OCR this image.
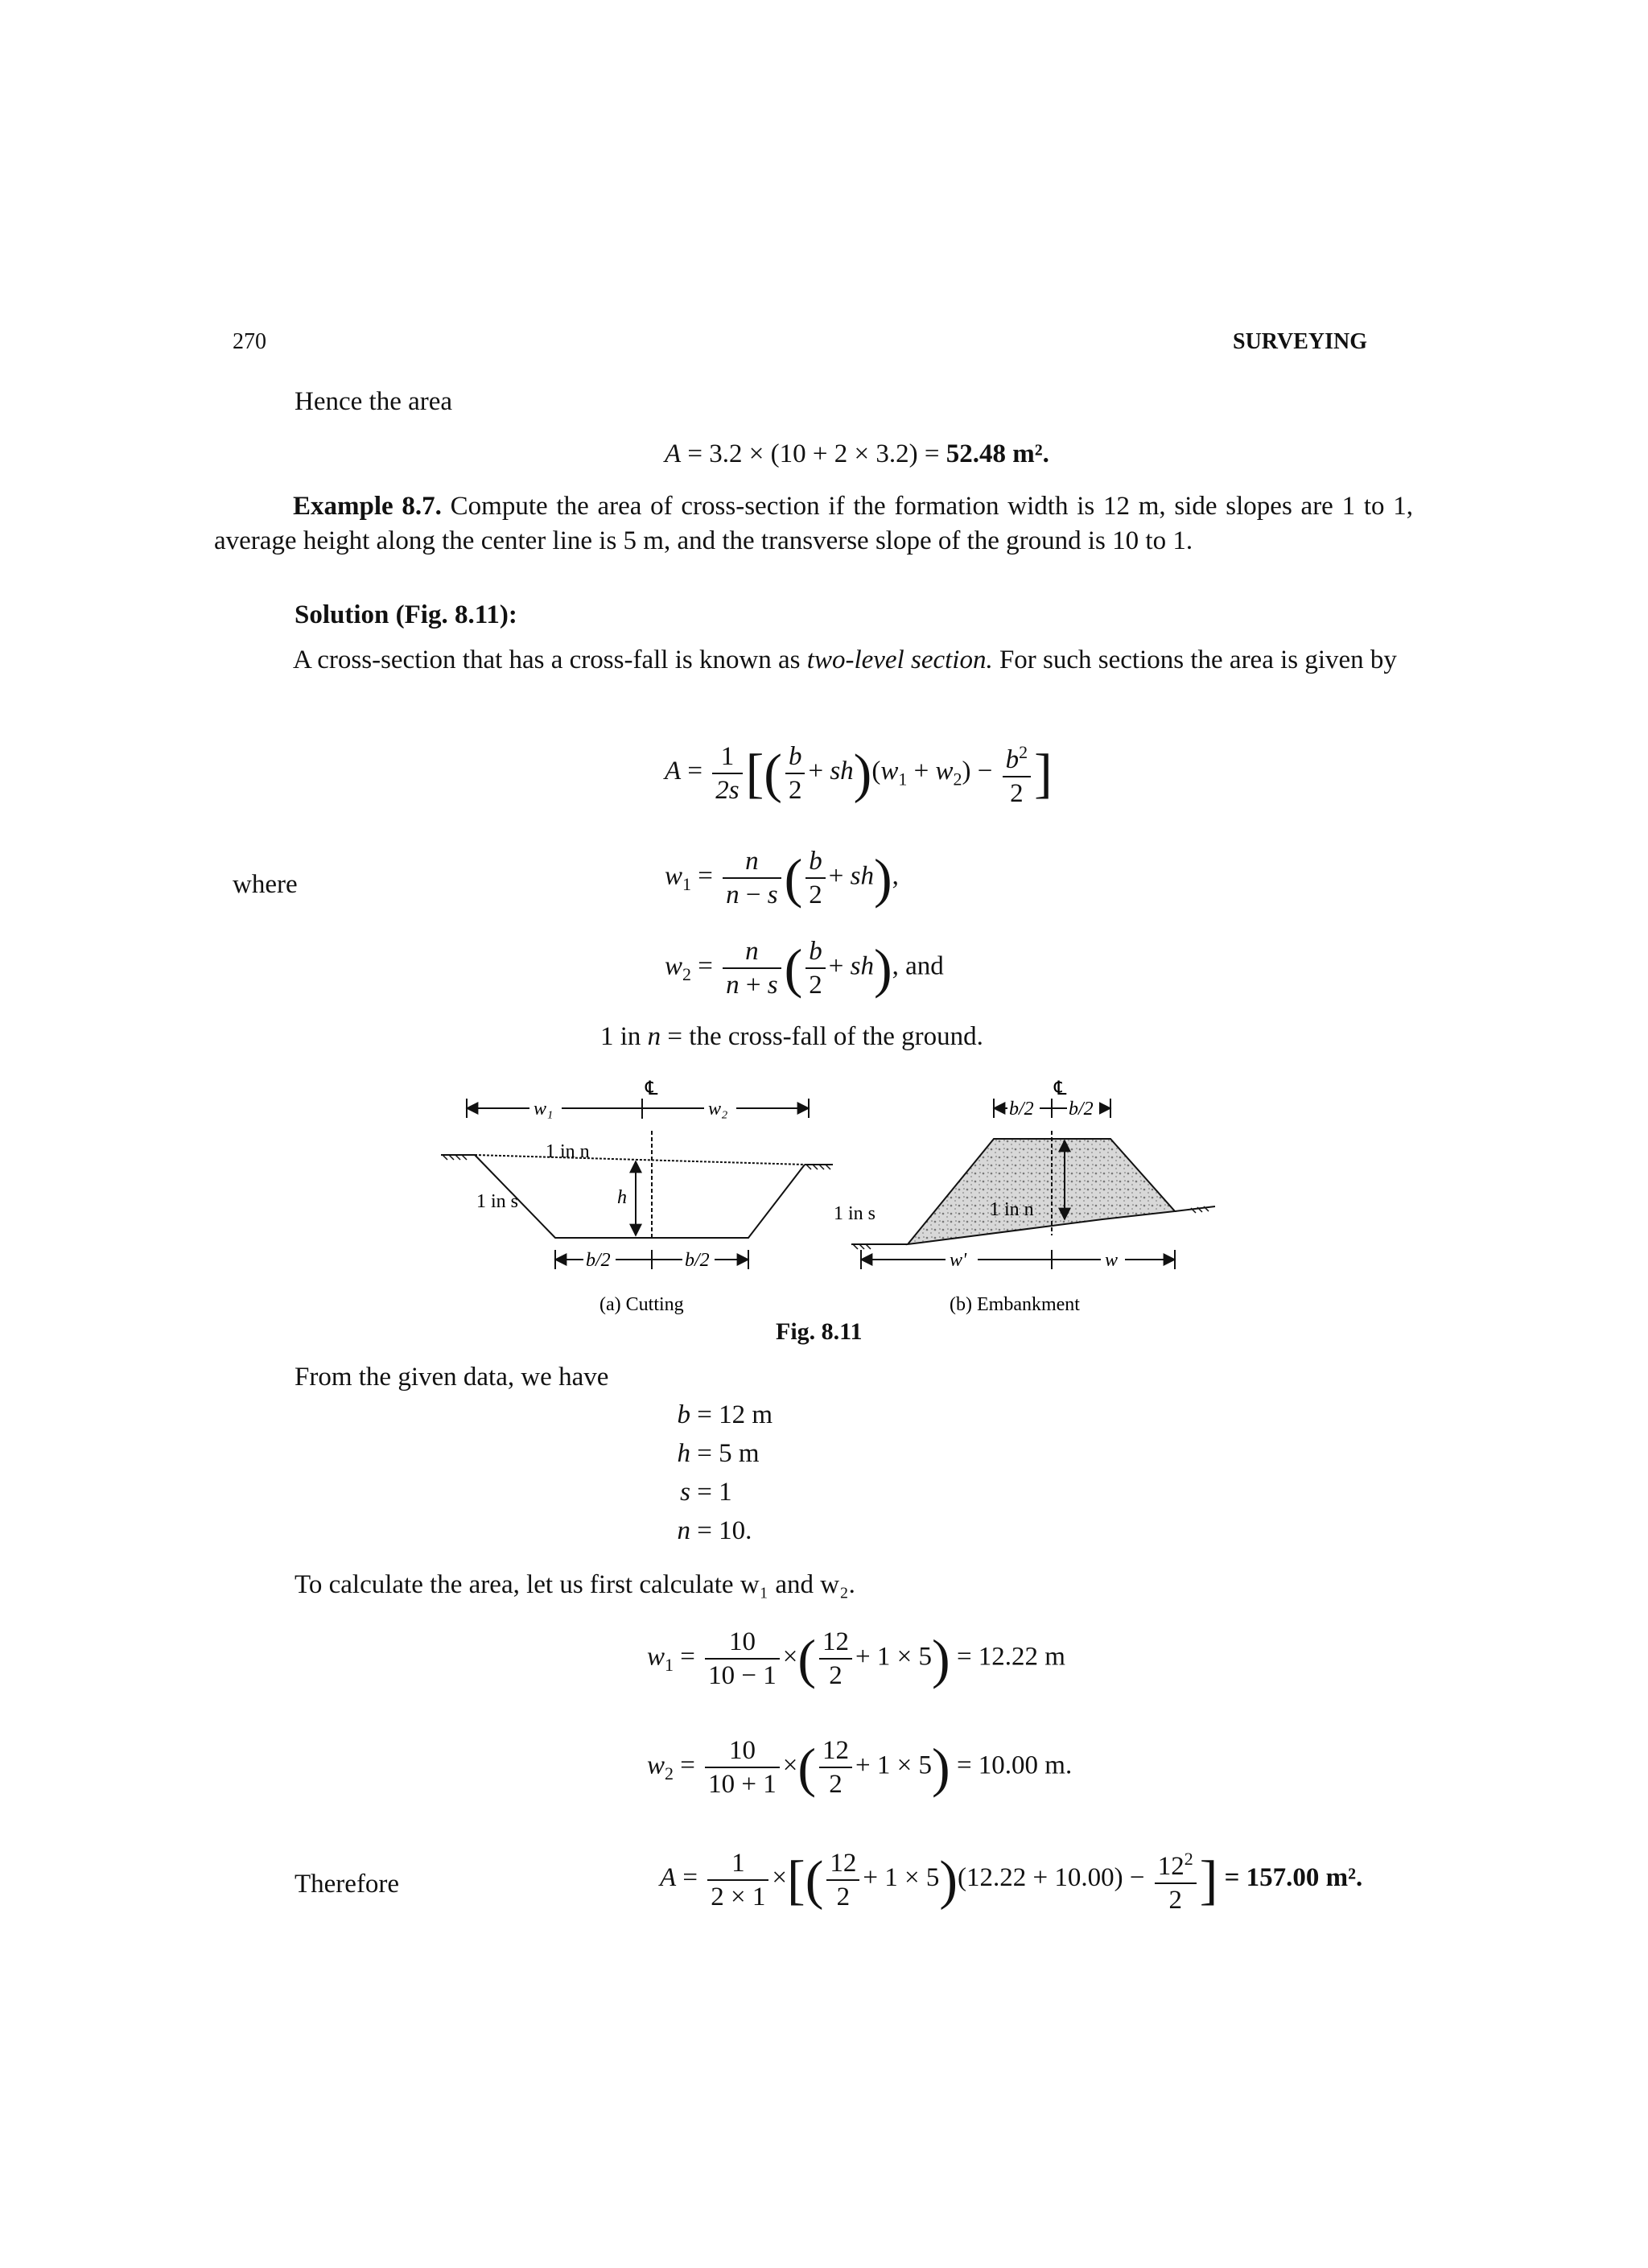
270	SURVEYING
Hence the area
A = 3.2 × (10 + 2 × 3.2) = 52.48 m².
Example 8.7. Compute the area of cross-section if the formation width is 12 m, side slopes are 1 to 1, average height along the center line is 5 m, and the transverse slope of the ground is 10 to 1.
Solution (Fig. 8.11):
A cross-section that has a cross-fall is known as two-level section. For such sections the area is given by
$A = \frac{1}{2s}$ [( $\frac{b}{2} + sh)(w_1 + w_2) - \frac{b^2}{2}$ ]
where	$w_1 = \frac{n}{n - s}$ ( $\frac{b}{2} + sh$),
$w_2 = \frac{n}{n + s}$ ( $\frac{b}{2} + sh$), and
1 in n = the cross-fall of the ground.
w₁	w₂
℄
1 in n
h
1 in s
b/2	b/2
b/2 b/2
℄
1 in s	1 in n
w'	w
(a) Cutting	(b) Embankment
Fig. 8.11
From the given data, we have
b = 12 m
h = 5 m
s = 1
n = 10.
To calculate the area, let us first calculate w₁ and w₂.
$w_1 = \frac{10}{10 - 1}$ ×( $\frac{12}{2} + 1 \times 5) = 12.22$ m
$w_2 = \frac{10}{10 + 1}$ ×( $\frac{12}{2} + 1 \times 5) = 10.00$ m.
Therefore	$A = \frac{1}{2 \times 1}$ ×[( $\frac{12}{2} + 1 \times 5)(12.22 + 10.00) - \frac{12^2}{2}$ ] = 157.00 m².
